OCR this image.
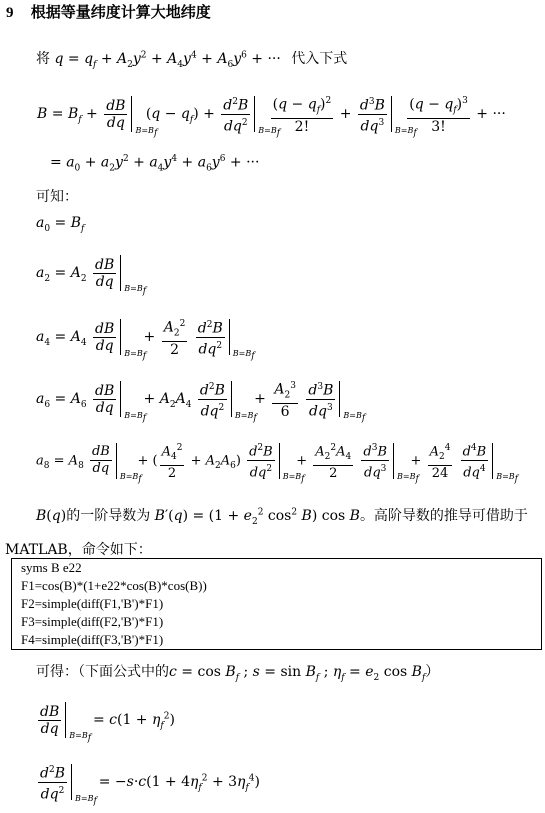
9 根据等量纬度计算大地纬度
将 $q = q_f + A_2y^2 + A_4y^4 + A_6y^6$ + ··· 代入下式
$B = B_f + \frac{dB}{dq} B=B_f$
$(q - q_f) + \frac{d^2B}{dq^2} B=B_f$

$\frac{(q - q_f)^2}{2!} + \frac{d^3B}{dq^3} B=B_f$

$\frac{(q - q_f)^3}{3!}$ + ···
= $a_0 + a_2y^2 + a_4y^4 + a_6y^6$ + ···
可知：
$a_0 = B_f$
$a_2 = A_2 \frac{dB}{dq} B=B_f$
$a_4 = A_4 \frac{dB}{dq} B=B_f$
+ $\frac{A_2^2}{2}$
$\frac{d^2B}{dq^2} B=B_f$
$a_6 = A_6 \frac{dB}{dq} B=B_f$
+ $A_2A_4 \frac{d^2B}{dq^2} B=B_f$
+ $\frac{A_2^3}{6}$
$\frac{d^3B}{dq^3} B=B_f$
$a_8 = A_8 \frac{dB}{dq} B=B_f$
+ ( $\frac{A_4^2}{2} + A_2A_6) \frac{d^2B}{dq^2} B=B_f$
+ $\frac{A_2^2A_4}{2}$
$\frac{d^3B}{dq^3} B=B_f$
+ $\frac{A_2^4}{24}$
$\frac{d^4B}{dq^4} B=B_f$
B(q)的一阶导数为 $B'(q) = (1 + e_2^2$ $\cos^2 B$) cos B。高阶导数的推导可借助于
MATLAB，命令如下：
syms B e22
F1=cos(B)*(1+e22*cos(B)*cos(B))
F2=simple(diff(F1,'B')*F1)
F3=simple(diff(F2,'B')*F1)
F4=simple(diff(F3,'B')*F1)
可得：（下面公式中的$c = \cos B_f$ ; $s = \sin B_f$ ; $\eta_f = e_2$ $\cos B_f$）
$\frac{dB}{dq} B=B_f$
= $c(1 + \eta_f^2)$
$\frac{d^2B}{dq^2} B=B_f$
= $-s\cdot c(1 + 4\eta_f^2 + 3\eta_f^4)$
